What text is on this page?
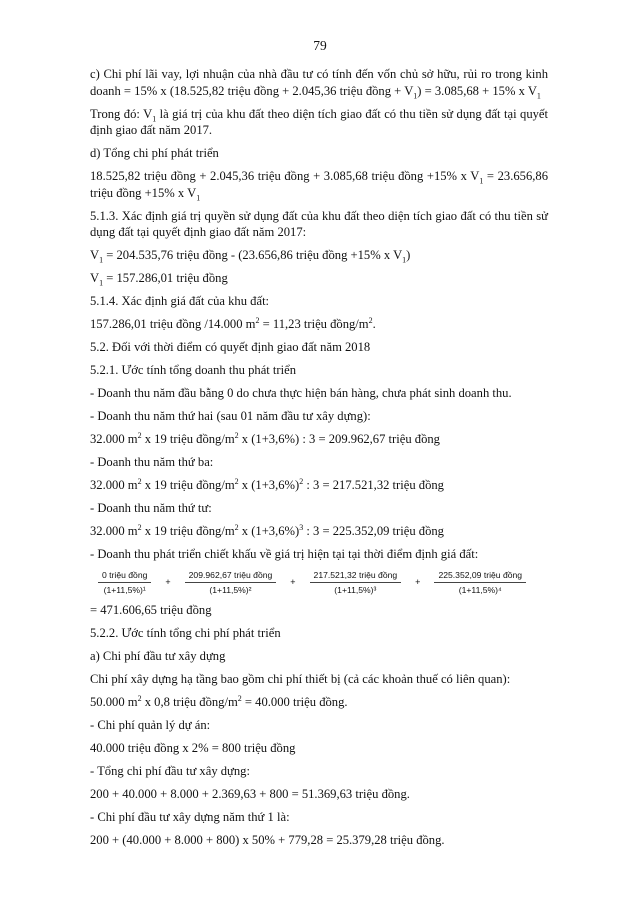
79

c) Chi phí lãi vay, lợi nhuận của nhà đầu tư có tính đến vốn chủ sở hữu, rủi ro trong kinh doanh = 15% x (18.525,82 triệu đồng + 2.045,36 triệu đồng + $V_1) = 3.085,68 + 15\%$ x $V_1$

Trong đó: $V_1$ là giá trị của khu đất theo diện tích giao đất có thu tiền sử dụng đất tại quyết định giao đất năm 2017.

d) Tổng chi phí phát triển

18.525,82 triệu đồng + 2.045,36 triệu đồng + 3.085,68 triệu đồng +15% x $V_1 = 23.656,86$ triệu đồng +15% x $V_1$

5.1.3. Xác định giá trị quyền sử dụng đất của khu đất theo diện tích giao đất có thu tiền sử dụng đất tại quyết định giao đất năm 2017:

$V_1 = 204.535,76$ triệu đồng - (23.656,86 triệu đồng +15% x $V_1$)

$V_1 = 157.286,01$ triệu đồng

5.1.4. Xác định giá đất của khu đất:

157.286,01 triệu đồng /14.000 $m^2 = 11,23$ triệu đồng/$m^2$.

5.2. Đối với thời điểm có quyết định giao đất năm 2018

5.2.1. Ước tính tổng doanh thu phát triển

- Doanh thu năm đầu bằng 0 do chưa thực hiện bán hàng, chưa phát sinh doanh thu.

- Doanh thu năm thứ hai (sau 01 năm đầu tư xây dựng):

32.000 $m^2$ x 19 triệu đồng/$m^2$ x (1+3,6%) : 3 = 209.962,67 triệu đồng

- Doanh thu năm thứ ba:

32.000 $m^2$ x 19 triệu đồng/$m^2$ x $(1+3,6\%)^2$ : 3 = 217.521,32 triệu đồng

- Doanh thu năm thứ tư:

32.000 $m^2$ x 19 triệu đồng/$m^2$ x $(1+3,6\%)^3$ : 3 = 225.352,09 triệu đồng

- Doanh thu phát triển chiết khấu về giá trị hiện tại tại thời điểm định giá đất:

$\frac{\text{0 triệu đồng}}{\text{(1+11,5\%)¹}} + \frac{\text{209.962,67 triệu đồng}}{\text{(1+11,5\%)²}} + \frac{\text{217.521,32 triệu đồng}}{\text{(1+11,5\%)³}} + \frac{\text{225.352,09 triệu đồng}}{\text{(1+11,5\%)⁴}}$

= 471.606,65 triệu đồng

5.2.2. Ước tính tổng chi phí phát triển

a) Chi phí đầu tư xây dựng

Chi phí xây dựng hạ tầng bao gồm chi phí thiết bị (cả các khoản thuế có liên quan):

50.000 $m^2$ x 0,8 triệu đồng/$m^2 = 40.000$ triệu đồng.

- Chi phí quản lý dự án:

40.000 triệu đồng x 2% = 800 triệu đồng

- Tổng chi phí đầu tư xây dựng:

200 + 40.000 + 8.000 + 2.369,63 + 800 = 51.369,63 triệu đồng.

- Chi phí đầu tư xây dựng năm thứ 1 là:

200 + (40.000 + 8.000 + 800) x 50% + 779,28 = 25.379,28 triệu đồng.
